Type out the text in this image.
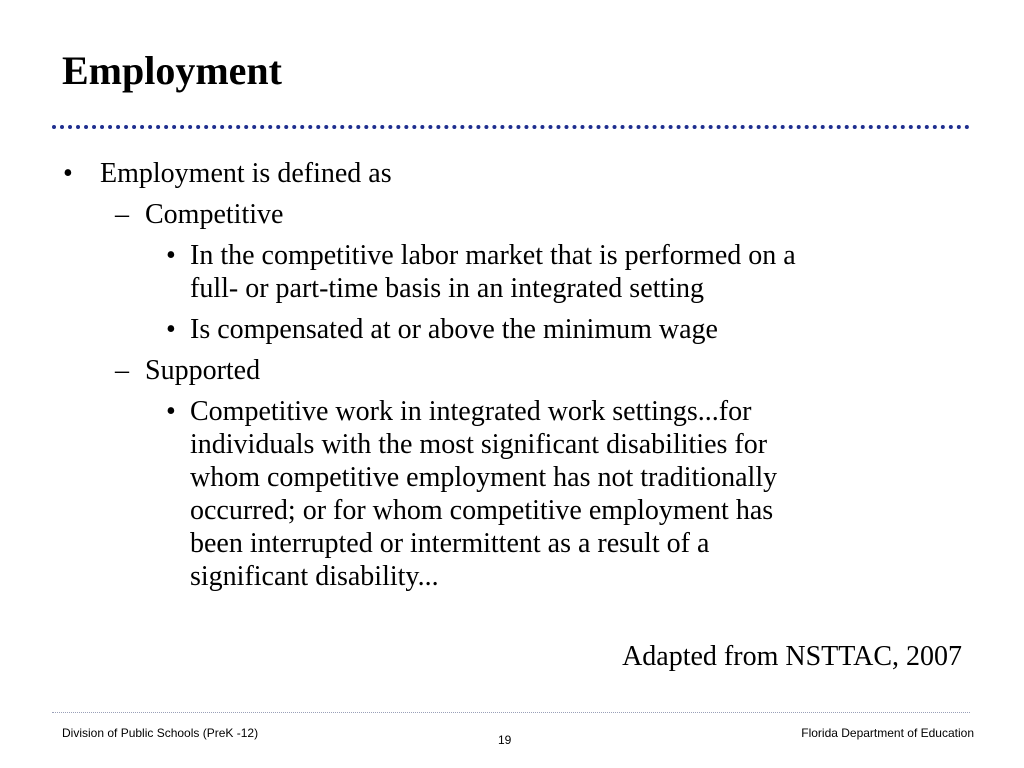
Employment
• Employment is defined as
– Competitive
• In the competitive labor market that is performed on a
full- or part-time basis in an integrated setting
• Is compensated at or above the minimum wage
– Supported
• Competitive work in integrated work settings...for
individuals with the most significant disabilities for
whom competitive employment has not traditionally
occurred; or for whom competitive employment has
been interrupted or intermittent as a result of a
significant disability...
Adapted from NSTTAC, 2007
Division of Public Schools (PreK -12)	19	Florida Department of Education
